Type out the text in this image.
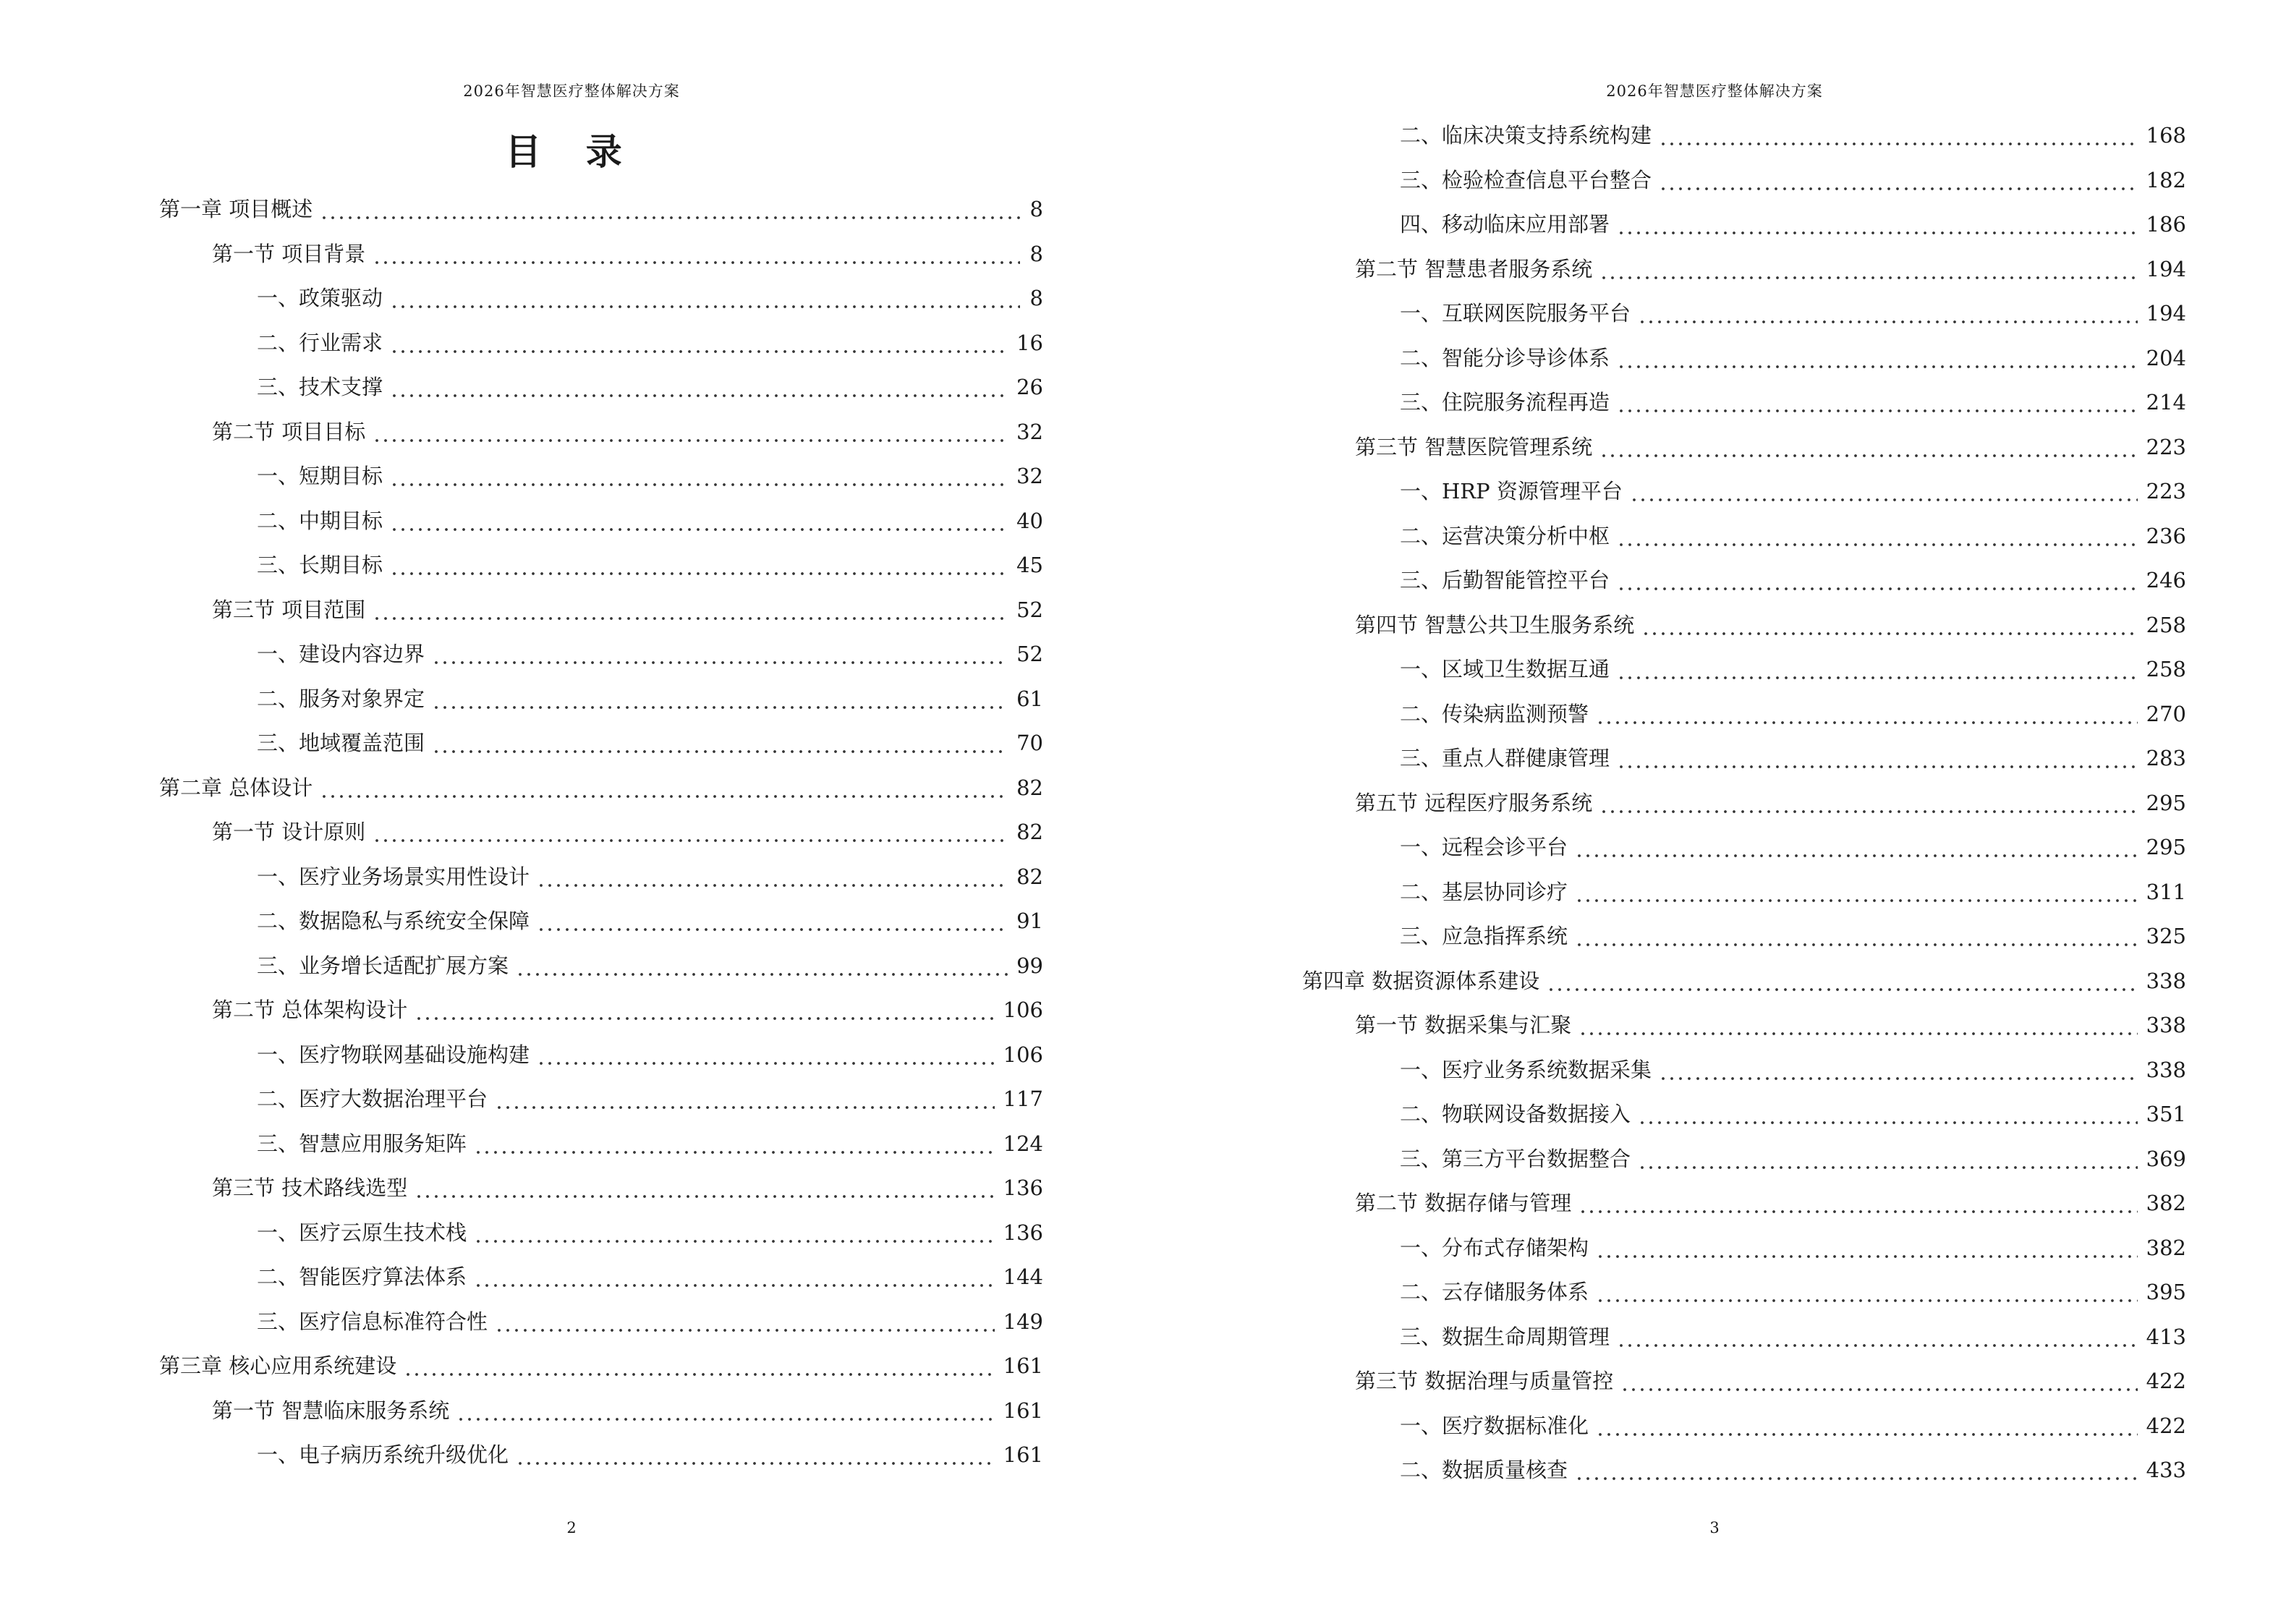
2026年智慧医疗整体解决方案
目 录
2
2026年智慧医疗整体解决方案
3
第一章 项目概述	8
第一节 项目背景	8
一、政策驱动	8
二、行业需求	16
三、技术支撑	26
第二节 项目目标	32
一、短期目标	32
二、中期目标	40
三、长期目标	45
第三节 项目范围	52
一、建设内容边界	52
二、服务对象界定	61
三、地域覆盖范围	70
第二章 总体设计	82
第一节 设计原则	82
一、医疗业务场景实用性设计	82
二、数据隐私与系统安全保障	91
三、业务增长适配扩展方案	99
第二节 总体架构设计	106
一、医疗物联网基础设施构建	106
二、医疗大数据治理平台	117
三、智慧应用服务矩阵	124
第三节 技术路线选型	136
一、医疗云原生技术栈	136
二、智能医疗算法体系	144
三、医疗信息标准符合性	149
第三章 核心应用系统建设	161
第一节 智慧临床服务系统	161
一、电子病历系统升级优化	161
二、临床决策支持系统构建	168
三、检验检查信息平台整合	182
四、移动临床应用部署	186
第二节 智慧患者服务系统	194
一、互联网医院服务平台	194
二、智能分诊导诊体系	204
三、住院服务流程再造	214
第三节 智慧医院管理系统	223
一、HRP 资源管理平台	223
二、运营决策分析中枢	236
三、后勤智能管控平台	246
第四节 智慧公共卫生服务系统	258
一、区域卫生数据互通	258
二、传染病监测预警	270
三、重点人群健康管理	283
第五节 远程医疗服务系统	295
一、远程会诊平台	295
二、基层协同诊疗	311
三、应急指挥系统	325
第四章 数据资源体系建设	338
第一节 数据采集与汇聚	338
一、医疗业务系统数据采集	338
二、物联网设备数据接入	351
三、第三方平台数据整合	369
第二节 数据存储与管理	382
一、分布式存储架构	382
二、云存储服务体系	395
三、数据生命周期管理	413
第三节 数据治理与质量管控	422
一、医疗数据标准化	422
二、数据质量核查	433
